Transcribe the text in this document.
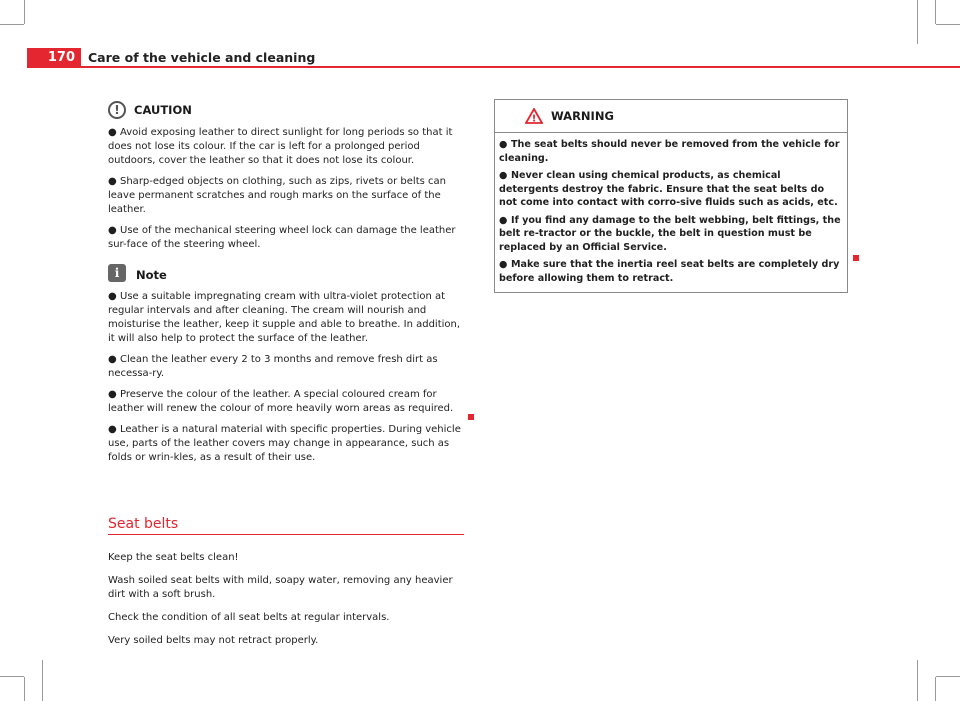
170	Care of the vehicle and cleaning
!	CAUTION

● Avoid exposing leather to direct sunlight for long periods so that it does not lose its colour. If the car is left for a prolonged period outdoors, cover the leather so that it does not lose its colour.

● Sharp-edged objects on clothing, such as zips, rivets or belts can leave permanent scratches and rough marks on the surface of the leather.

● Use of the mechanical steering wheel lock can damage the leather sur-face of the steering wheel.

i	Note

● Use a suitable impregnating cream with ultra-violet protection at regular intervals and after cleaning. The cream will nourish and moisturise the leather, keep it supple and able to breathe. In addition, it will also help to protect the surface of the leather.

● Clean the leather every 2 to 3 months and remove fresh dirt as necessa-ry.

● Preserve the colour of the leather. A special coloured cream for leather will renew the colour of more heavily worn areas as required.

● Leather is a natural material with specific properties. During vehicle use, parts of the leather covers may change in appearance, such as folds or wrin-kles, as a result of their use.

Seat belts

Keep the seat belts clean!

Wash soiled seat belts with mild, soapy water, removing any heavier dirt with a soft brush.

Check the condition of all seat belts at regular intervals.

Very soiled belts may not retract properly.

! WARNING

● The seat belts should never be removed from the vehicle for cleaning.

● Never clean using chemical products, as chemical detergents destroy the fabric. Ensure that the seat belts do not come into contact with corro-sive fluids such as acids, etc.

● If you find any damage to the belt webbing, belt fittings, the belt re-tractor or the buckle, the belt in question must be replaced by an Official Service.

● Make sure that the inertia reel seat belts are completely dry before allowing them to retract.
